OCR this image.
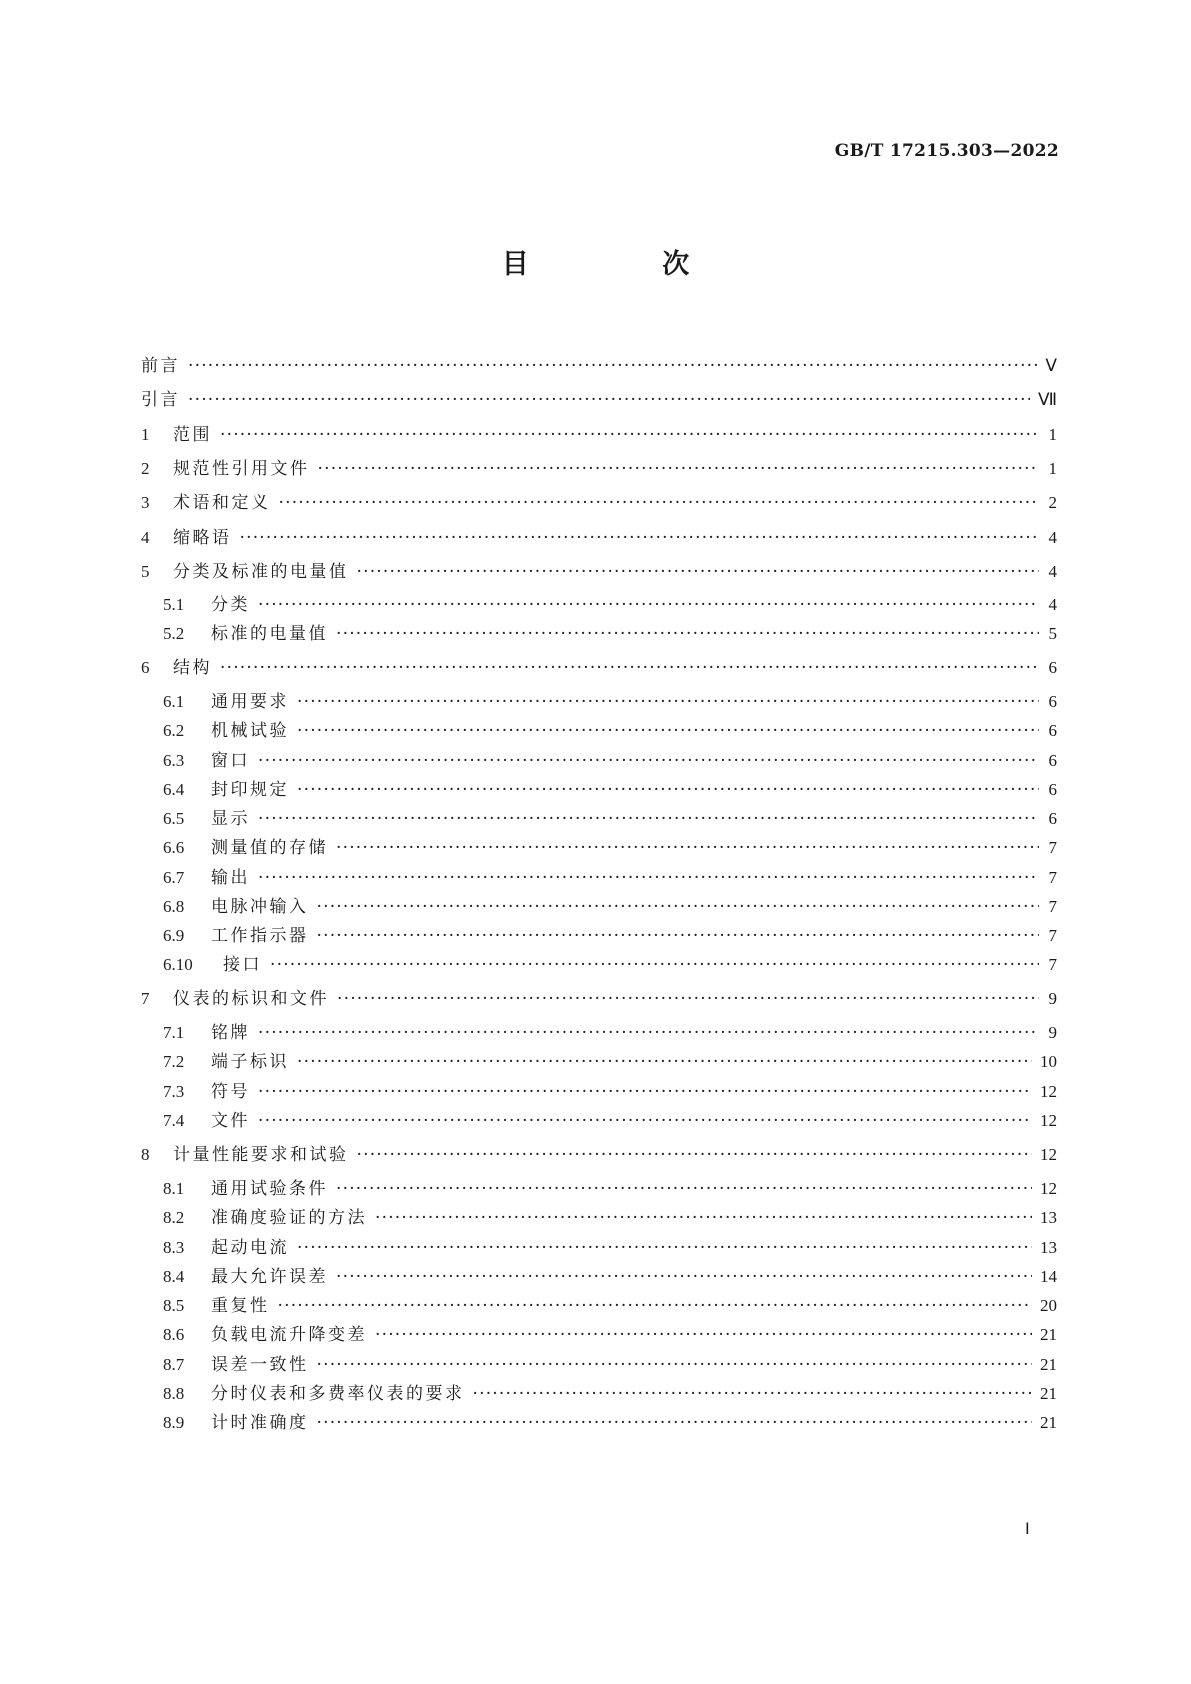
GB/T 17215.303—2022
目 次
前言 ·····	Ⅴ
引言 ·····	Ⅶ
1	范围 ·····	1
2	规范性引用文件 ·····	1
3	术语和定义 ·····	2
4	缩略语 ·····	4
5	分类及标准的电量值 ·····	4
5.1	分类 ·····	4
5.2	标准的电量值 ·····	5
6	结构 ·····	6
6.1	通用要求 ·····	6
6.2	机械试验 ·····	6
6.3	窗口 ·····	6
6.4	封印规定 ·····	6
6.5	显示 ·····	6
6.6	测量值的存储 ·····	7
6.7	输出 ·····	7
6.8	电脉冲输入 ·····	7
6.9	工作指示器 ·····	7
6.10	接口 ·····	7
7	仪表的标识和文件 ·····	9
7.1	铭牌 ·····	9
7.2	端子标识 ·····	10
7.3	符号 ·····	12
7.4	文件 ·····	12
8	计量性能要求和试验 ·····	12
8.1	通用试验条件 ·····	12
8.2	准确度验证的方法 ·····	13
8.3	起动电流 ·····	13
8.4	最大允许误差 ·····	14
8.5	重复性 ·····	20
8.6	负载电流升降变差 ·····	21
8.7	误差一致性 ·····	21
8.8	分时仪表和多费率仪表的要求 ·····	21
8.9	计时准确度 ·····	21
Ⅰ
